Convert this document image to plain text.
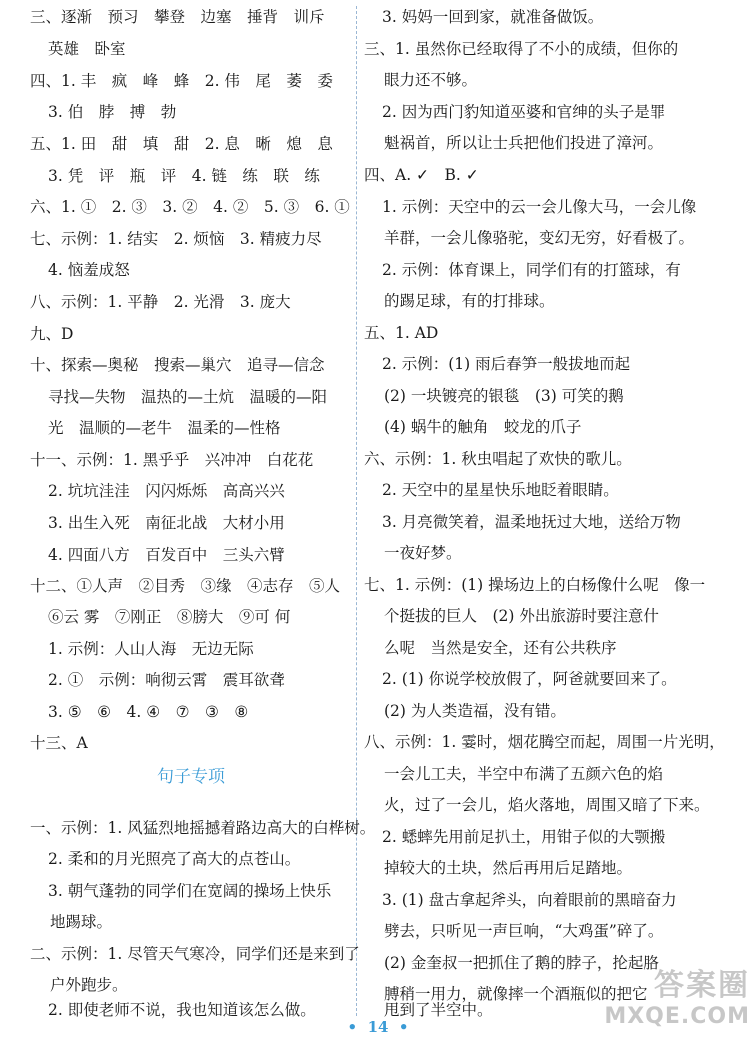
三、逐渐　预习　攀登　边塞　捶背　训斥
英雄　卧室
四、1. 丰　疯　峰　蜂　2. 伟　尾　萎　委
3. 伯　脖　搏　勃
五、1. 田　甜　填　甜　2. 息　晰　熄　息
3. 凭　评　瓶　评　4. 链　练　联　练
六、1. ①　2. ③　3. ②　4. ②　5. ③　6. ①
七、示例：1. 结实　2. 烦恼　3. 精疲力尽
4. 恼羞成怒
八、示例：1. 平静　2. 光滑　3. 庞大
九、D
十、探索—奥秘　搜索—巢穴　追寻—信念
寻找—失物　温热的—土炕　温暖的—阳
光　温顺的—老牛　温柔的—性格
十一、示例：1. 黑乎乎　兴冲冲　白花花
2. 坑坑洼洼　闪闪烁烁　高高兴兴
3. 出生入死　南征北战　大材小用
4. 四面八方　百发百中　三头六臂
十二、①人声　②目秀　③缘　④志存　⑤人
⑥云 雾　⑦刚正　⑧膀大　⑨可 何
1. 示例：人山人海　无边无际
2. ①　示例：响彻云霄　震耳欲聋
3. ⑤　⑥　4. ④　⑦　③　⑧
十三、A
句子专项
一、示例：1. 风猛烈地摇撼着路边高大的白桦树。
2. 柔和的月光照亮了高大的点苍山。
3. 朝气蓬勃的同学们在宽阔的操场上快乐
地踢球。
二、示例：1. 尽管天气寒冷，同学们还是来到了
户外跑步。
2. 即使老师不说，我也知道该怎么做。
3. 妈妈一回到家，就准备做饭。
三、1. 虽然你已经取得了不小的成绩，但你的
眼力还不够。
2. 因为西门豹知道巫婆和官绅的头子是罪
魁祸首，所以让士兵把他们投进了漳河。
四、A. ✓　B. ✓
1. 示例：天空中的云一会儿像大马，一会儿像
羊群，一会儿像骆驼，变幻无穷，好看极了。
2. 示例：体育课上，同学们有的打篮球，有
的踢足球，有的打排球。
五、1. AD
2. 示例：(1) 雨后春笋一般拔地而起
(2) 一块镀亮的银毯　(3) 可笑的鹅
(4) 蜗牛的触角　蛟龙的爪子
六、示例：1. 秋虫唱起了欢快的歌儿。
2. 天空中的星星快乐地眨着眼睛。
3. 月亮微笑着，温柔地抚过大地，送给万物
一夜好梦。
七、1. 示例：(1) 操场边上的白杨像什么呢　像一
个挺拔的巨人　(2) 外出旅游时要注意什
么呢　当然是安全，还有公共秩序
2. (1) 你说学校放假了，阿爸就要回来了。
(2) 为人类造福，没有错。
八、示例：1. 霎时，烟花腾空而起，周围一片光明，
一会儿工夫，半空中布满了五颜六色的焰
火，过了一会儿，焰火落地，周围又暗了下来。
2. 蟋蟀先用前足扒土，用钳子似的大颚搬
掉较大的土块，然后再用后足踏地。
3. (1) 盘古拿起斧头，向着眼前的黑暗奋力
劈去，只听见一声巨响，“大鸡蛋”碎了。
(2) 金奎叔一把抓住了鹅的脖子，抡起胳
膊稍一用力，就像摔一个酒瓶似的把它
甩到了半空中。
•  14  •
答案圈
MXQE.COM
